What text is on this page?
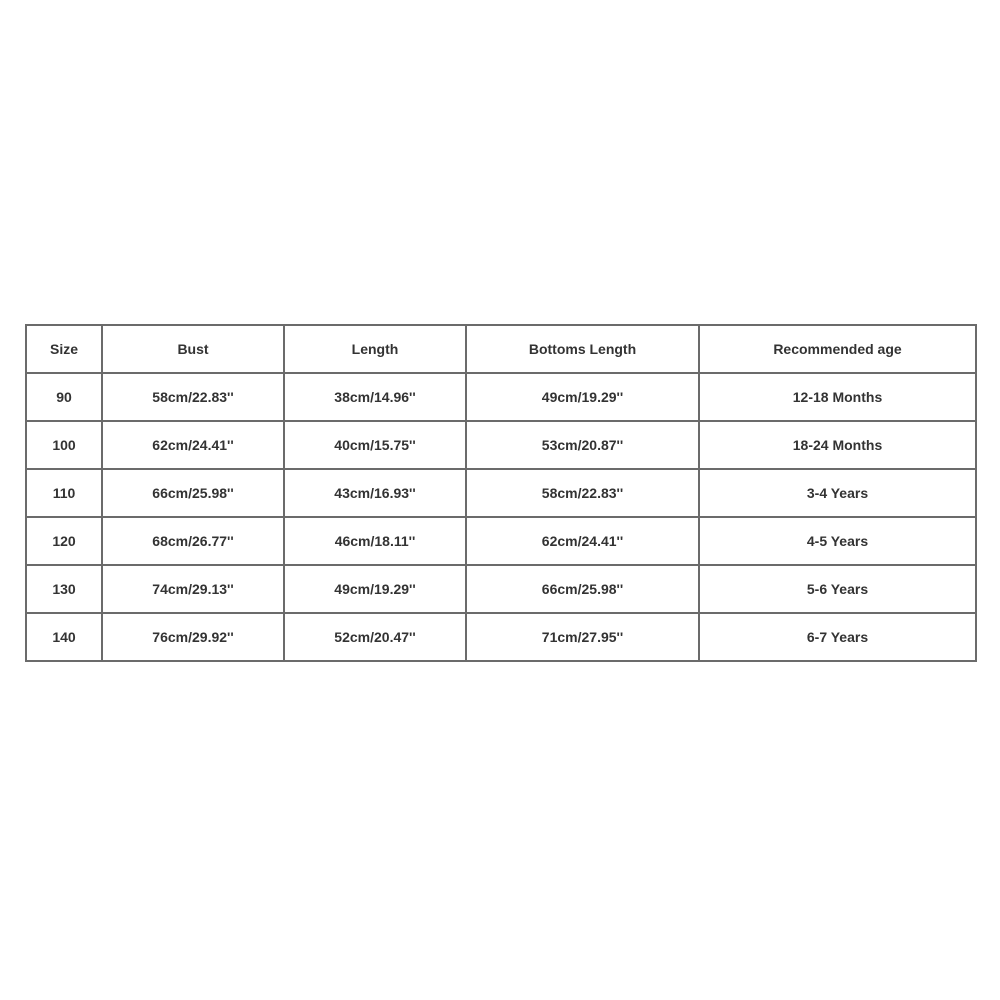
Size	Bust	Length	Bottoms Length	Recommended age
90	58cm/22.83''	38cm/14.96''	49cm/19.29''	12-18 Months
100	62cm/24.41''	40cm/15.75''	53cm/20.87''	18-24 Months
110	66cm/25.98''	43cm/16.93''	58cm/22.83''	3-4 Years
120	68cm/26.77''	46cm/18.11''	62cm/24.41''	4-5 Years
130	74cm/29.13''	49cm/19.29''	66cm/25.98''	5-6 Years
140	76cm/29.92''	52cm/20.47''	71cm/27.95''	6-7 Years
